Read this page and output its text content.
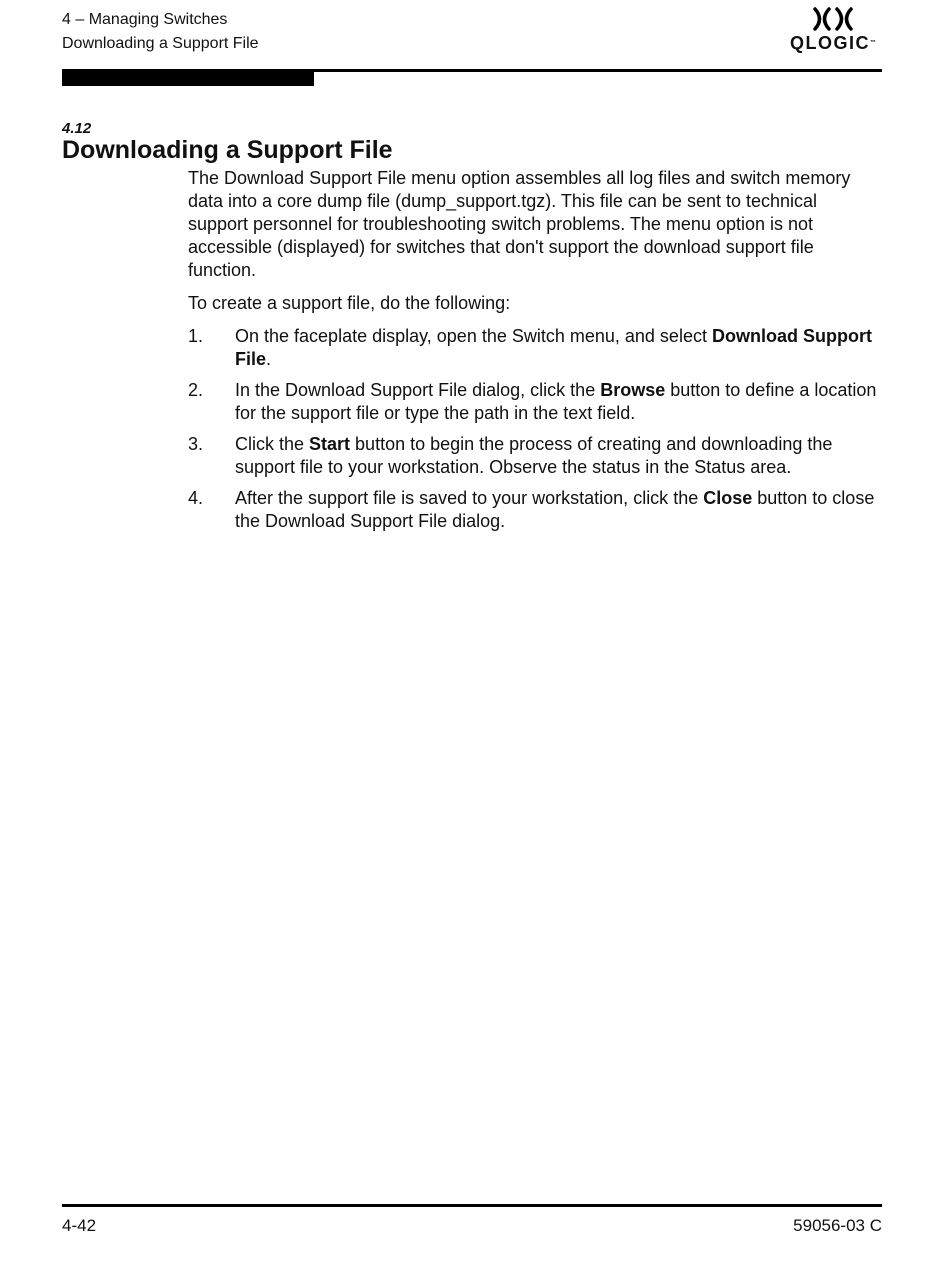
4 – Managing Switches
Downloading a Support File	QLOGIC™
4.12
Downloading a Support File

The Download Support File menu option assembles all log files and switch memory data into a core dump file (dump_support.tgz). This file can be sent to technical support personnel for troubleshooting switch problems. The menu option is not accessible (displayed) for switches that don't support the download support file function.

To create a support file, do the following:

1. On the faceplate display, open the Switch menu, and select Download Support File.
2. In the Download Support File dialog, click the Browse button to define a location for the support file or type the path in the text field.
3. Click the Start button to begin the process of creating and downloading the support file to your workstation. Observe the status in the Status area.
4. After the support file is saved to your workstation, click the Close button to close the Download Support File dialog.
4-42	59056-03 C
